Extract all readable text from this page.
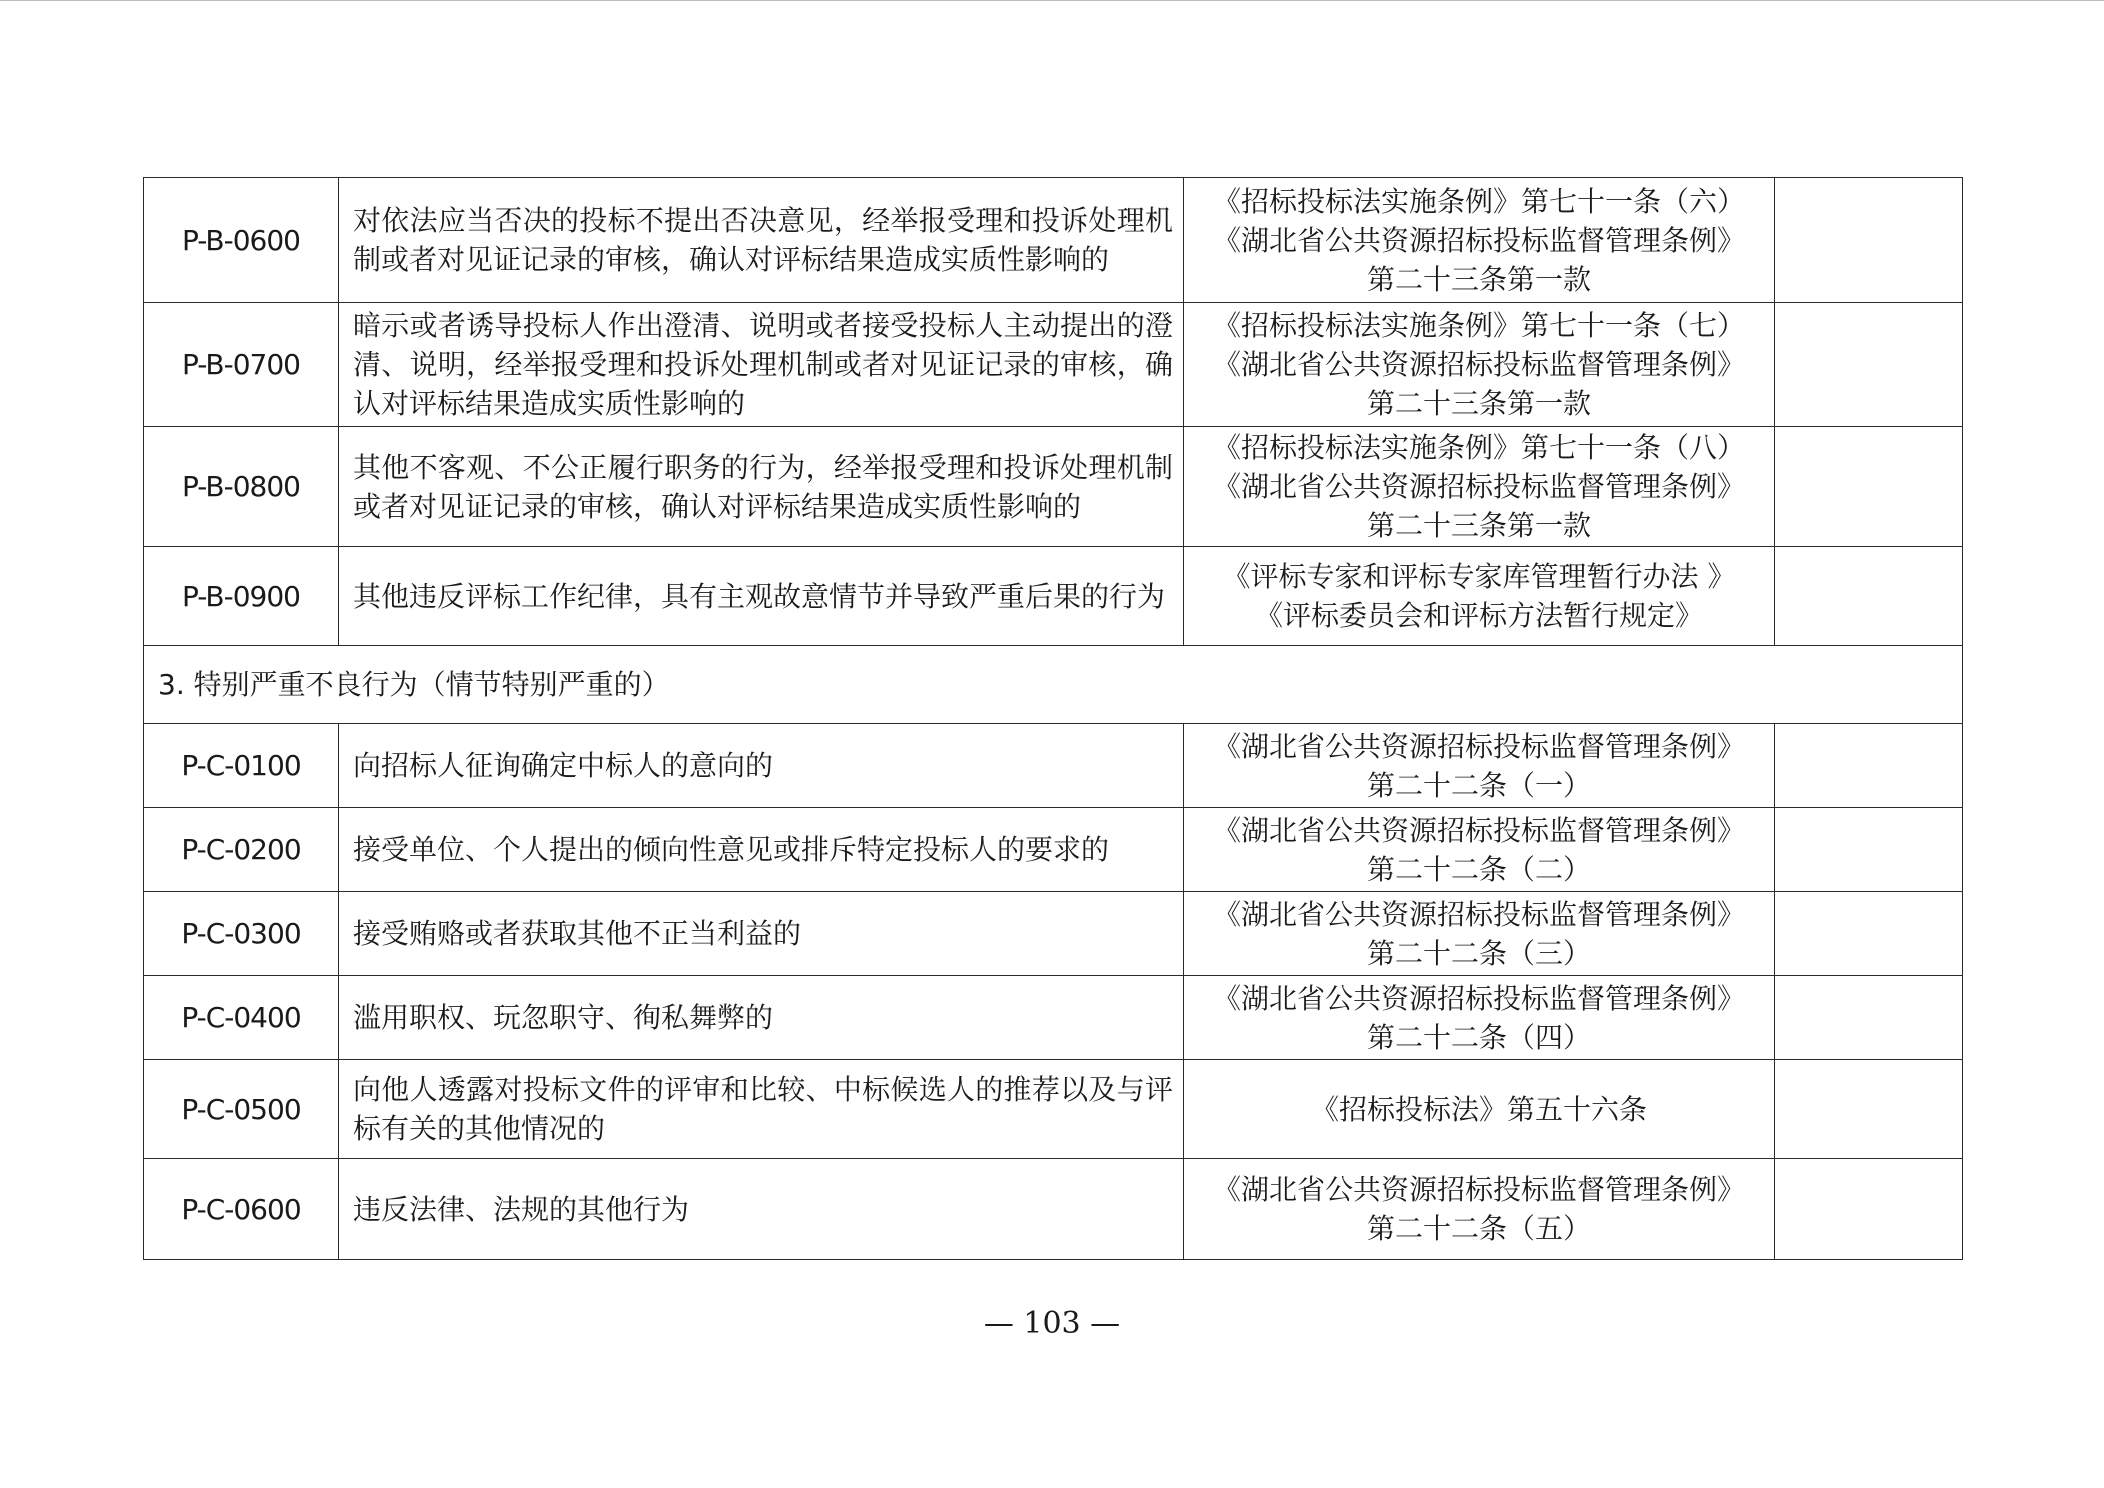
P-B-0600	对依法应当否决的投标不提出否决意见，经举报受理和投诉处理机制或者对见证记录的审核，确认对评标结果造成实质性影响的	《招标投标法实施条例》第七十一条（六）
《湖北省公共资源招标投标监督管理条例》
第二十三条第一款	

P-B-0700	暗示或者诱导投标人作出澄清、说明或者接受投标人主动提出的澄清、说明，经举报受理和投诉处理机制或者对见证记录的审核，确认对评标结果造成实质性影响的	《招标投标法实施条例》第七十一条（七）
《湖北省公共资源招标投标监督管理条例》
第二十三条第一款	

P-B-0800	其他不客观、不公正履行职务的行为，经举报受理和投诉处理机制或者对见证记录的审核，确认对评标结果造成实质性影响的	《招标投标法实施条例》第七十一条（八）
《湖北省公共资源招标投标监督管理条例》
第二十三条第一款	

P-B-0900	其他违反评标工作纪律，具有主观故意情节并导致严重后果的行为	《评标专家和评标专家库管理暂行办法 》
《评标委员会和评标方法暂行规定》	

3. 特别严重不良行为（情节特别严重的）			
P-C-0100	向招标人征询确定中标人的意向的	《湖北省公共资源招标投标监督管理条例》
第二十二条（一）	

P-C-0200	接受单位、个人提出的倾向性意见或排斥特定投标人的要求的	《湖北省公共资源招标投标监督管理条例》
第二十二条（二）	

P-C-0300	接受贿赂或者获取其他不正当利益的	《湖北省公共资源招标投标监督管理条例》
第二十二条（三）	

P-C-0400	滥用职权、玩忽职守、徇私舞弊的	《湖北省公共资源招标投标监督管理条例》
第二十二条（四）	

P-C-0500	向他人透露对投标文件的评审和比较、中标候选人的推荐以及与评标有关的其他情况的	《招标投标法》第五十六条	

P-C-0600	违反法律、法规的其他行为	《湖北省公共资源招标投标监督管理条例》
第二十二条（五）	

— 103 —
